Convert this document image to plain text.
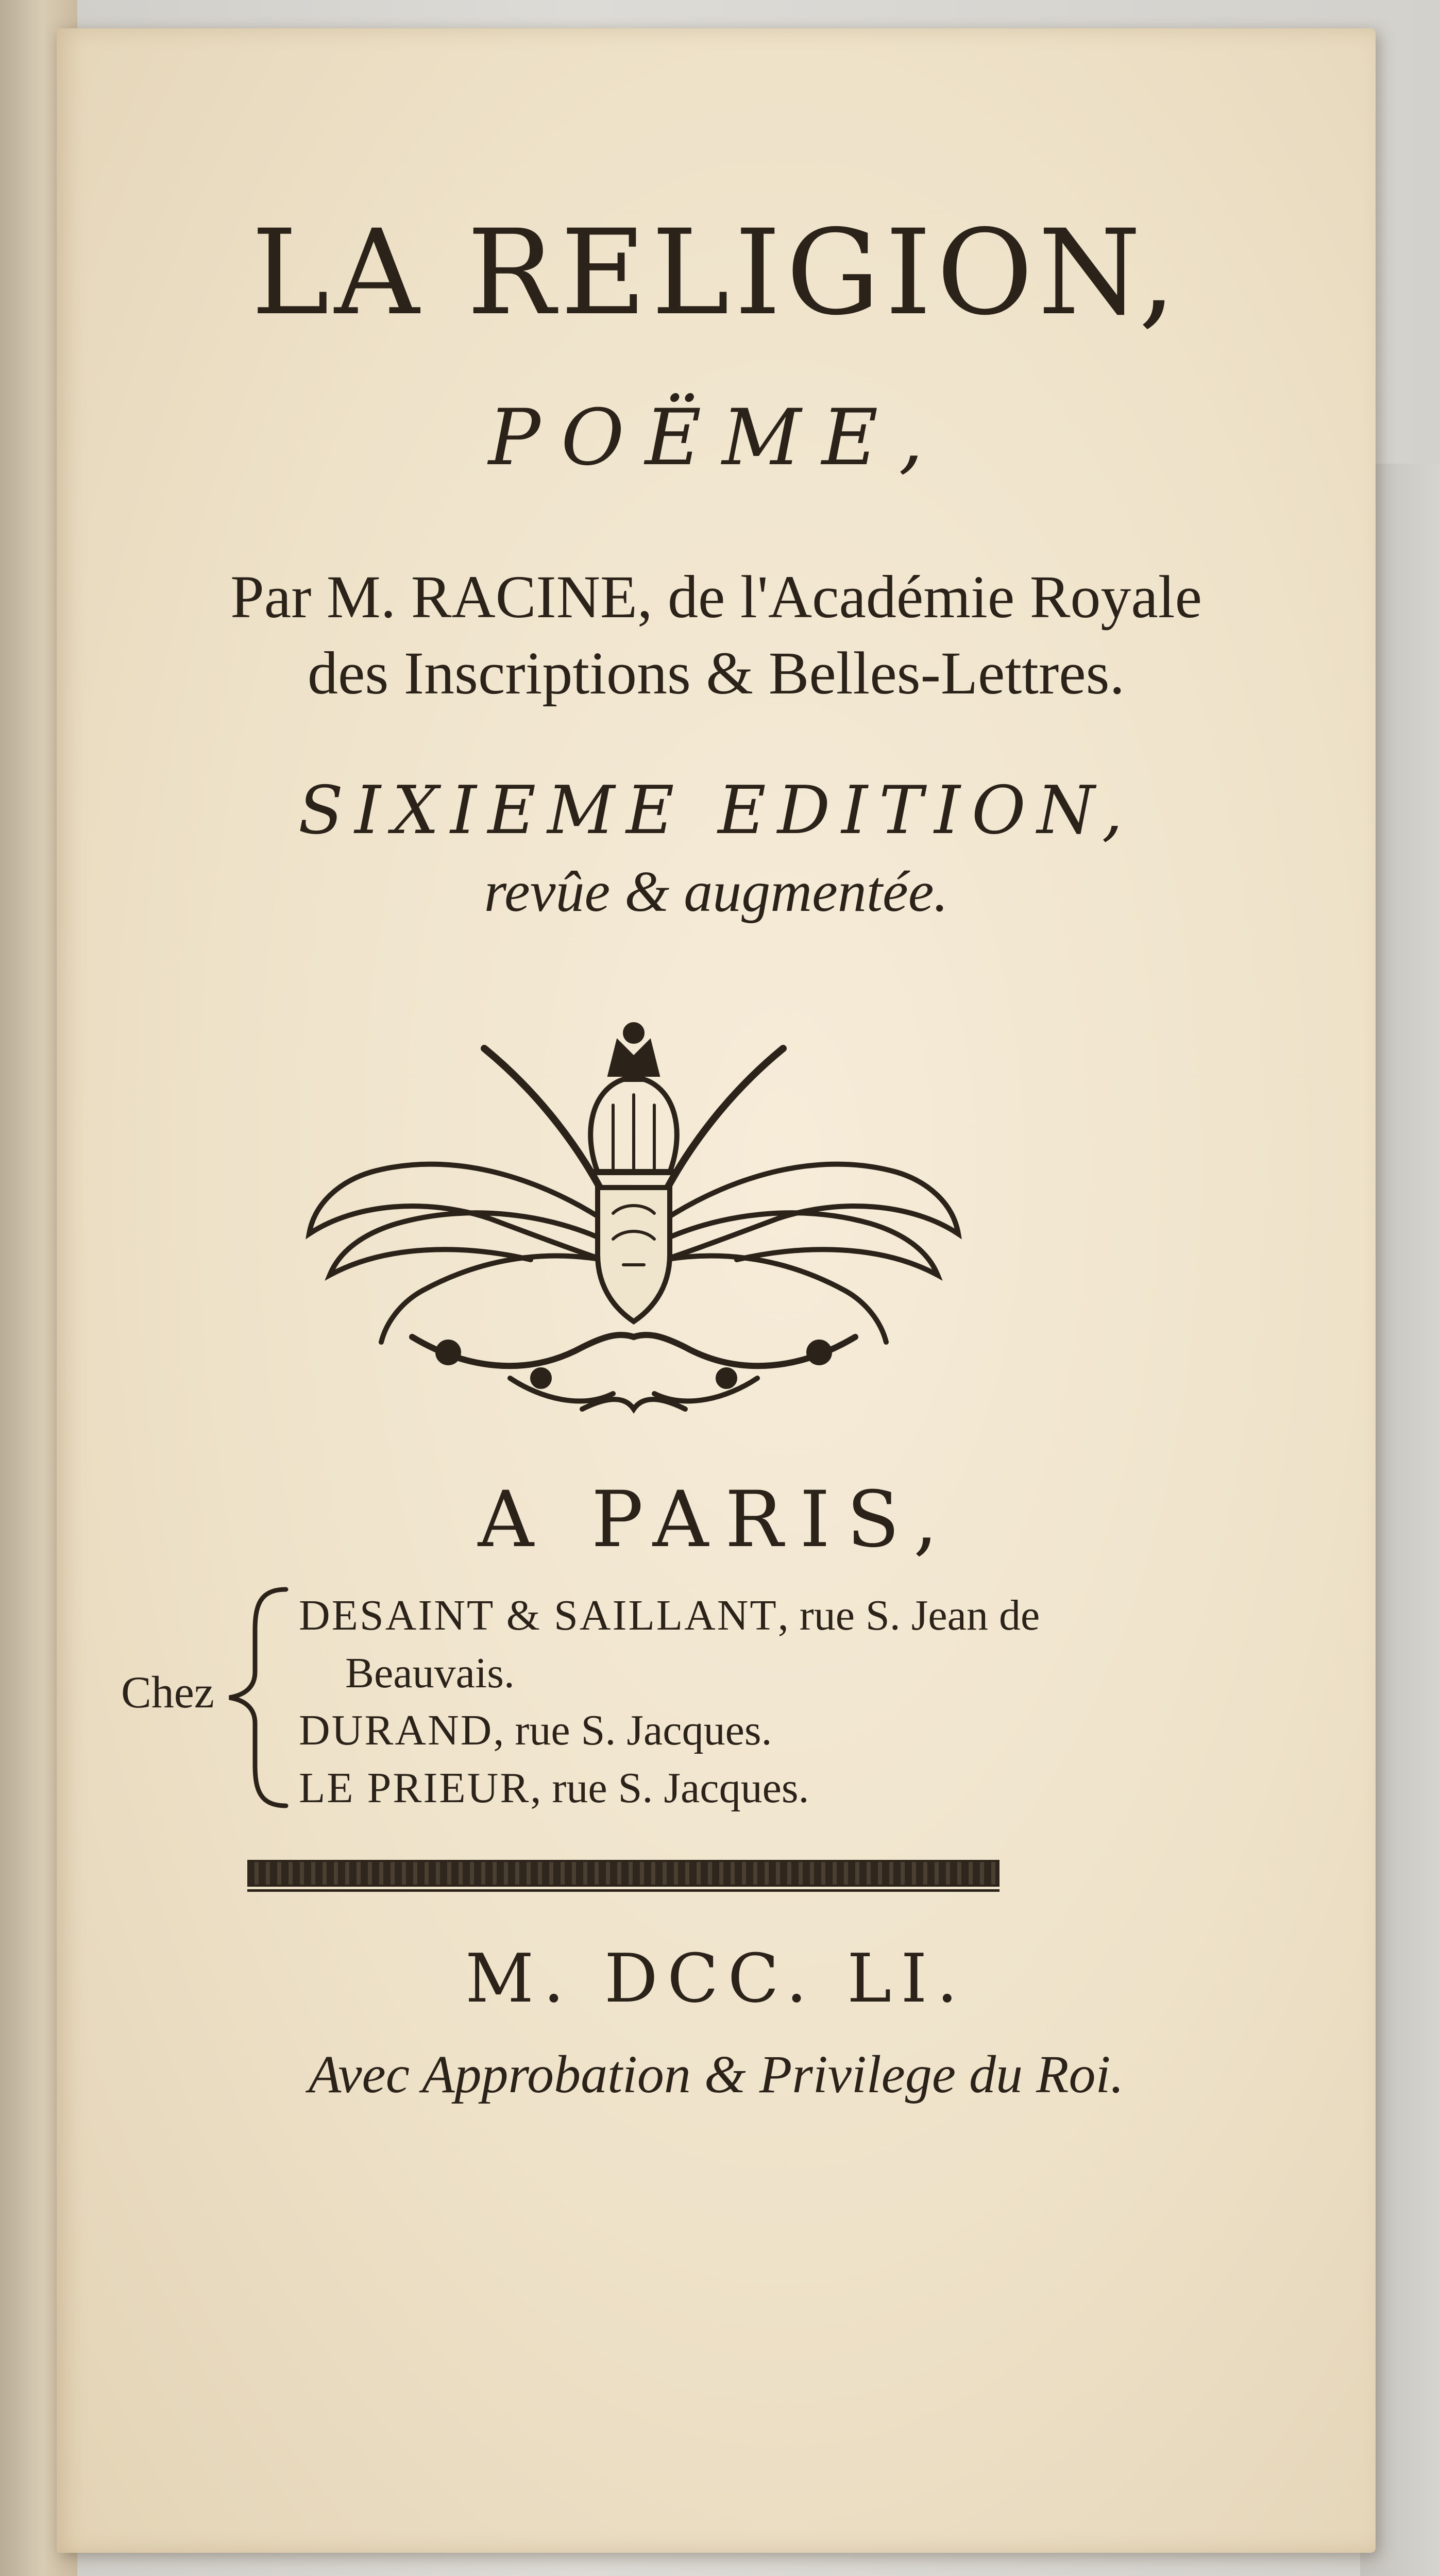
LA RELIGION,
POËME,
Par M. RACINE, de l'Académie Royale
des Inscriptions & Belles-Lettres.
SIXIEME EDITION,
revûe & augmentée.
A PARIS,
Chez
DESAINT & SAILLANT, rue S. Jean de
Beauvais.
DURAND, rue S. Jacques.
LE PRIEUR, rue S. Jacques.
M. DCC. LI.
Avec Approbation & Privilege du Roi.
